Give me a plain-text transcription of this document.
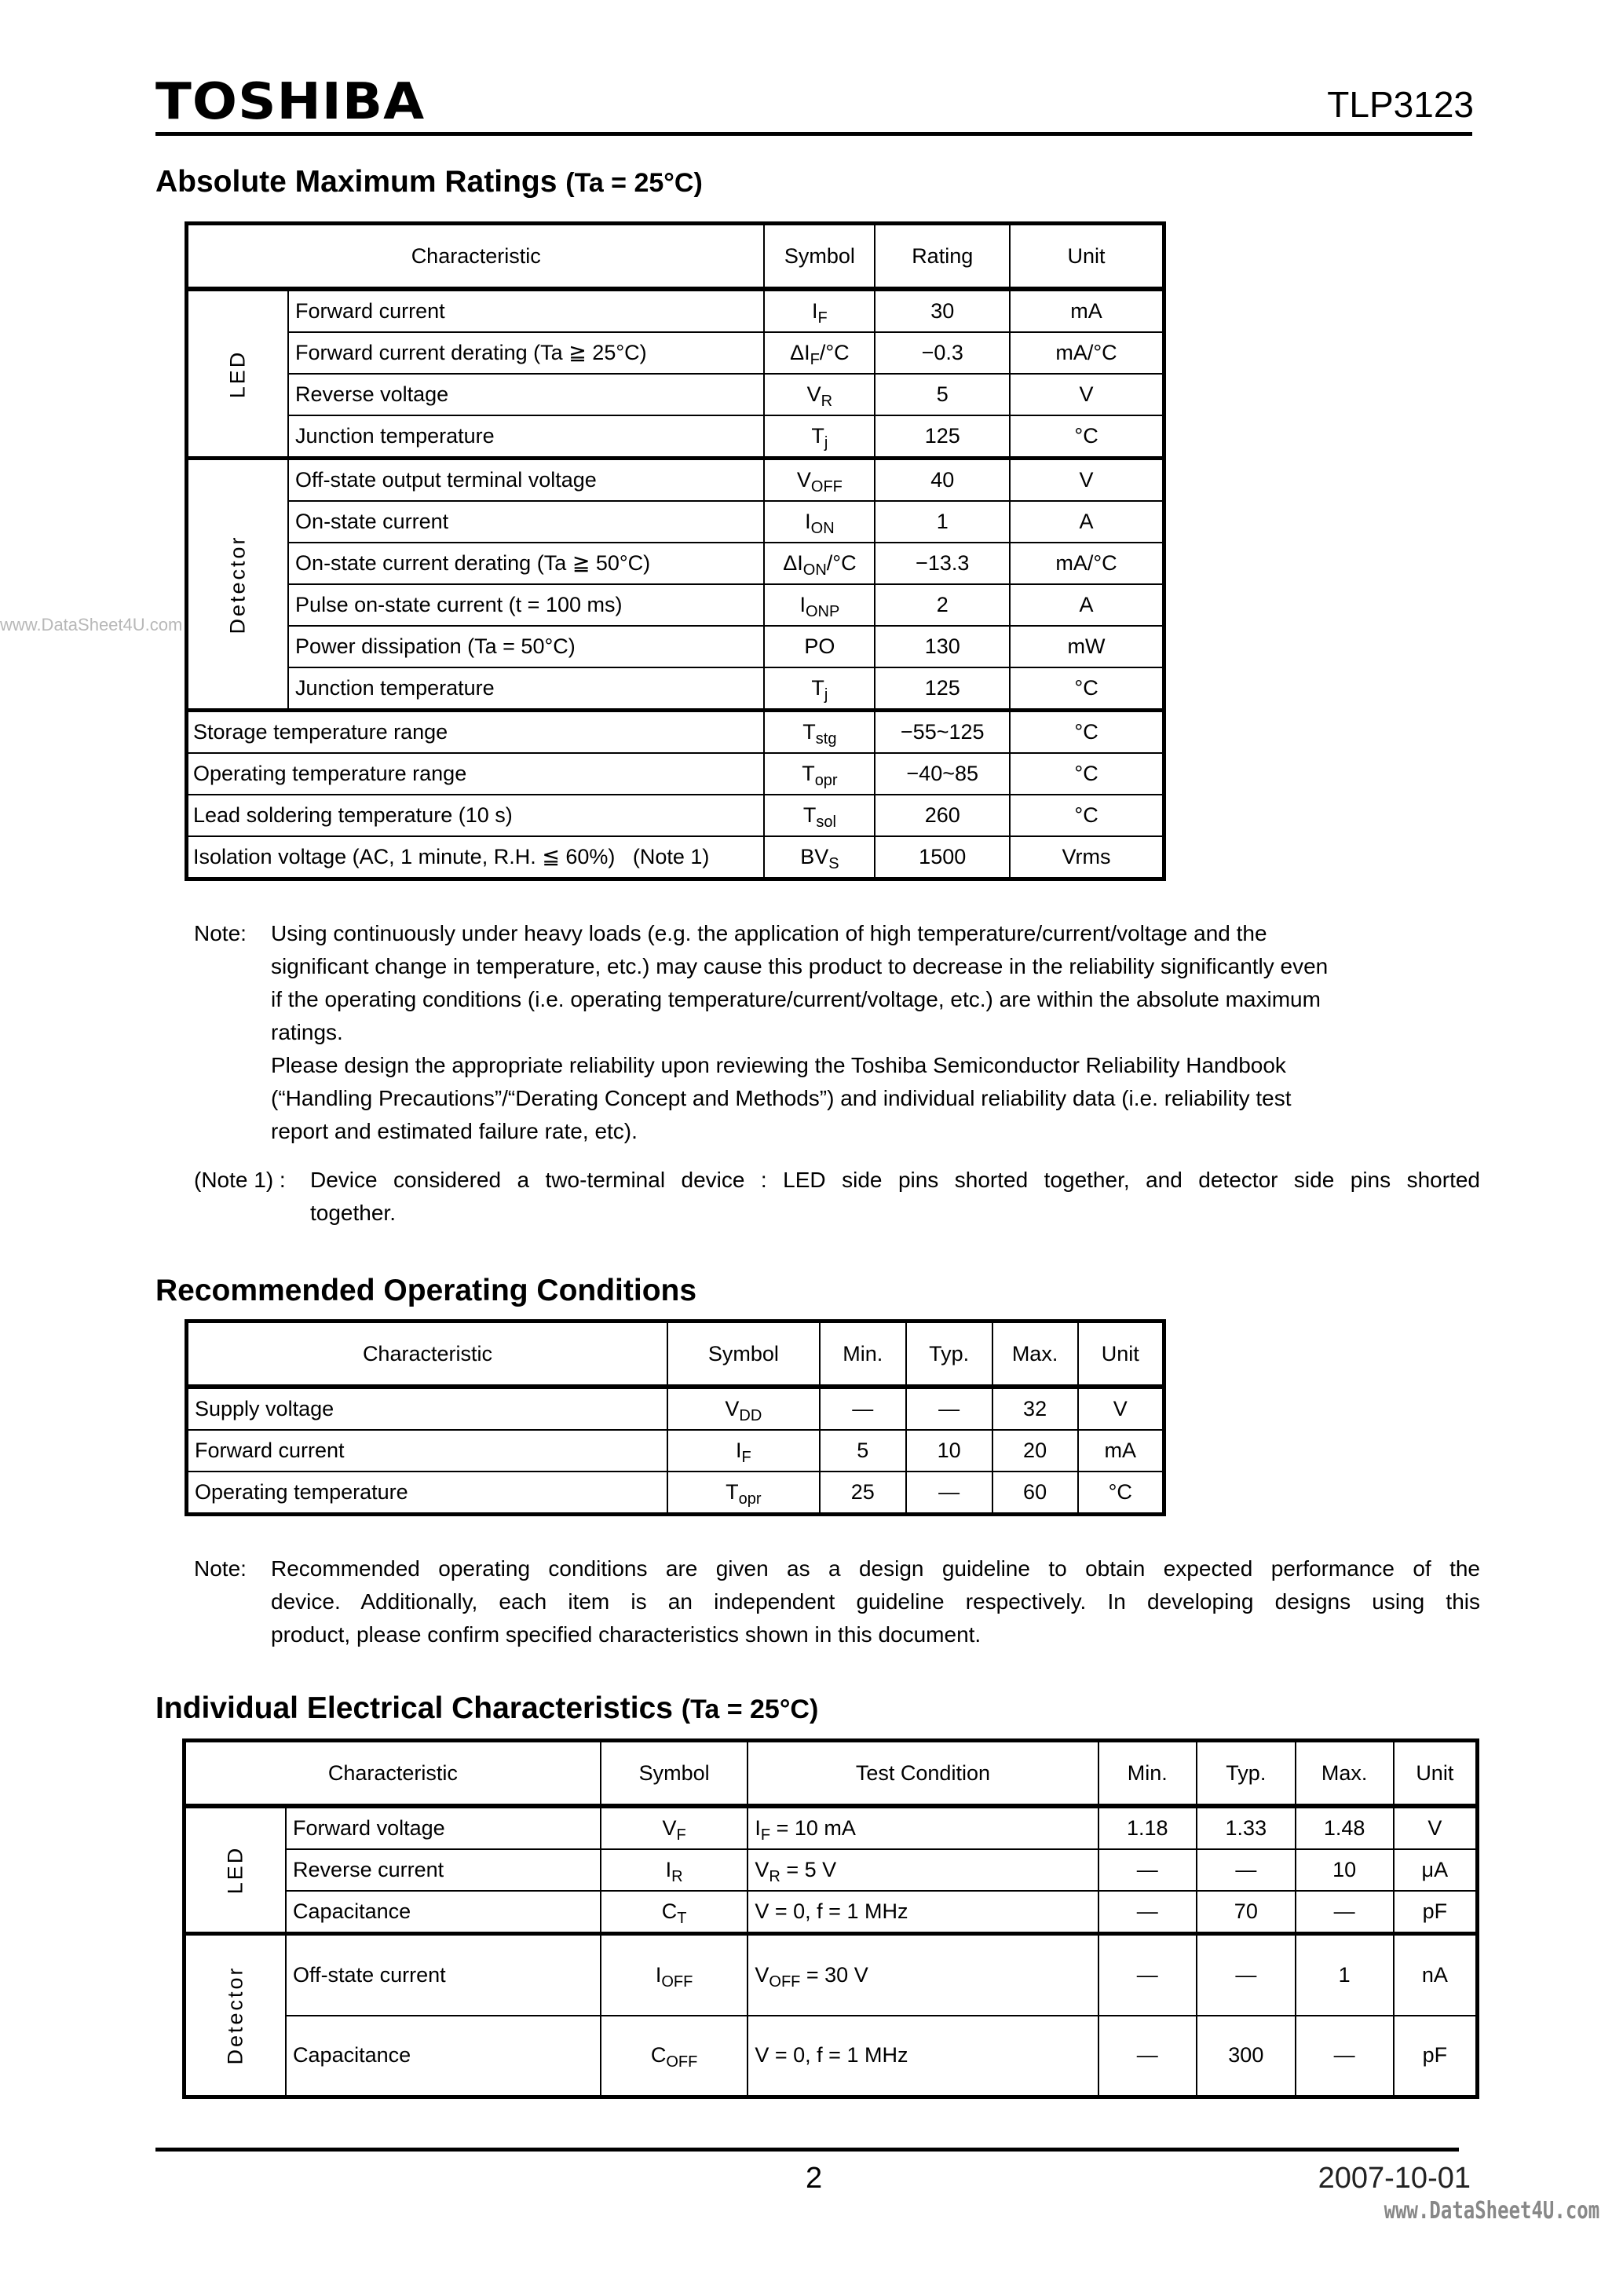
TOSHIBA	TLP3123
www.DataSheet4U.com
Absolute Maximum Ratings (Ta = 25°C)
Characteristic		Symbol	Rating	Unit
LED	Forward current	$I_F$	30	mA
	Forward current derating (Ta ≧ 25°C)	$\Delta I_F/^\circ C$	−0.3	mA/°C
	Reverse voltage	$V_R$	5	V
	Junction temperature	$T_j$	125	°C
Detector	Off-state output terminal voltage	$V_{OFF}$	40	V
	On-state current	$I_{ON}$	1	A
	On-state current derating (Ta ≧ 50°C)	$\Delta I_{ON}/^\circ C$	−13.3	mA/°C
	Pulse on-state current (t = 100 ms)	$I_{ONP}$	2	A
	Power dissipation (Ta = 50°C)	PO	130	mW
	Junction temperature	$T_j$	125	°C
Storage temperature range		$T_{stg}$	−55~125	°C
Operating temperature range		$T_{opr}$	−40~85	°C
Lead soldering temperature (10 s)		$T_{sol}$	260	°C
Isolation voltage (AC, 1 minute, R.H. ≦ 60%)   (Note 1)		$BV_S$	1500	Vrms
Note: Using continuously under heavy loads (e.g. the application of high temperature/current/voltage and the
significant change in temperature, etc.) may cause this product to decrease in the reliability significantly even
if the operating conditions (i.e. operating temperature/current/voltage, etc.) are within the absolute maximum
ratings.
Please design the appropriate reliability upon reviewing the Toshiba Semiconductor Reliability Handbook
(“Handling Precautions”/“Derating Concept and Methods”) and individual reliability data (i.e. reliability test
report and estimated failure rate, etc).
(Note 1) : Device considered a two-terminal device : LED side pins shorted together, and detector side pins shorted
together.
Recommended Operating Conditions
Characteristic	Symbol	Min.	Typ.	Max.	Unit
Supply voltage	$V_{DD}$	—	—	32	V
Forward current	$I_F$	5	10	20	mA
Operating temperature	$T_{opr}$	25	—	60	°C
Note: Recommended operating conditions are given as a design guideline to obtain expected performance of the
device. Additionally, each item is an independent guideline respectively. In developing designs using this
product, please confirm specified characteristics shown in this document.
Individual Electrical Characteristics (Ta = 25°C)
Characteristic		Symbol	Test Condition	Min.	Typ.	Max.	Unit
LED	Forward voltage	$V_F$	$I_F = 10$ mA	1.18	1.33	1.48	V
	Reverse current	$I_R$	$V_R = 5$ V	—	—	10	μA
	Capacitance	$C_T$	V = 0, f = 1 MHz	—	70	—	pF
Detector	Off-state current	$I_{OFF}$	$V_{OFF} = 30$ V	—	—	1	nA
	Capacitance	$C_{OFF}$	V = 0, f = 1 MHz	—	300	—	pF
2	2007-10-01
www.DataSheet4U.com
